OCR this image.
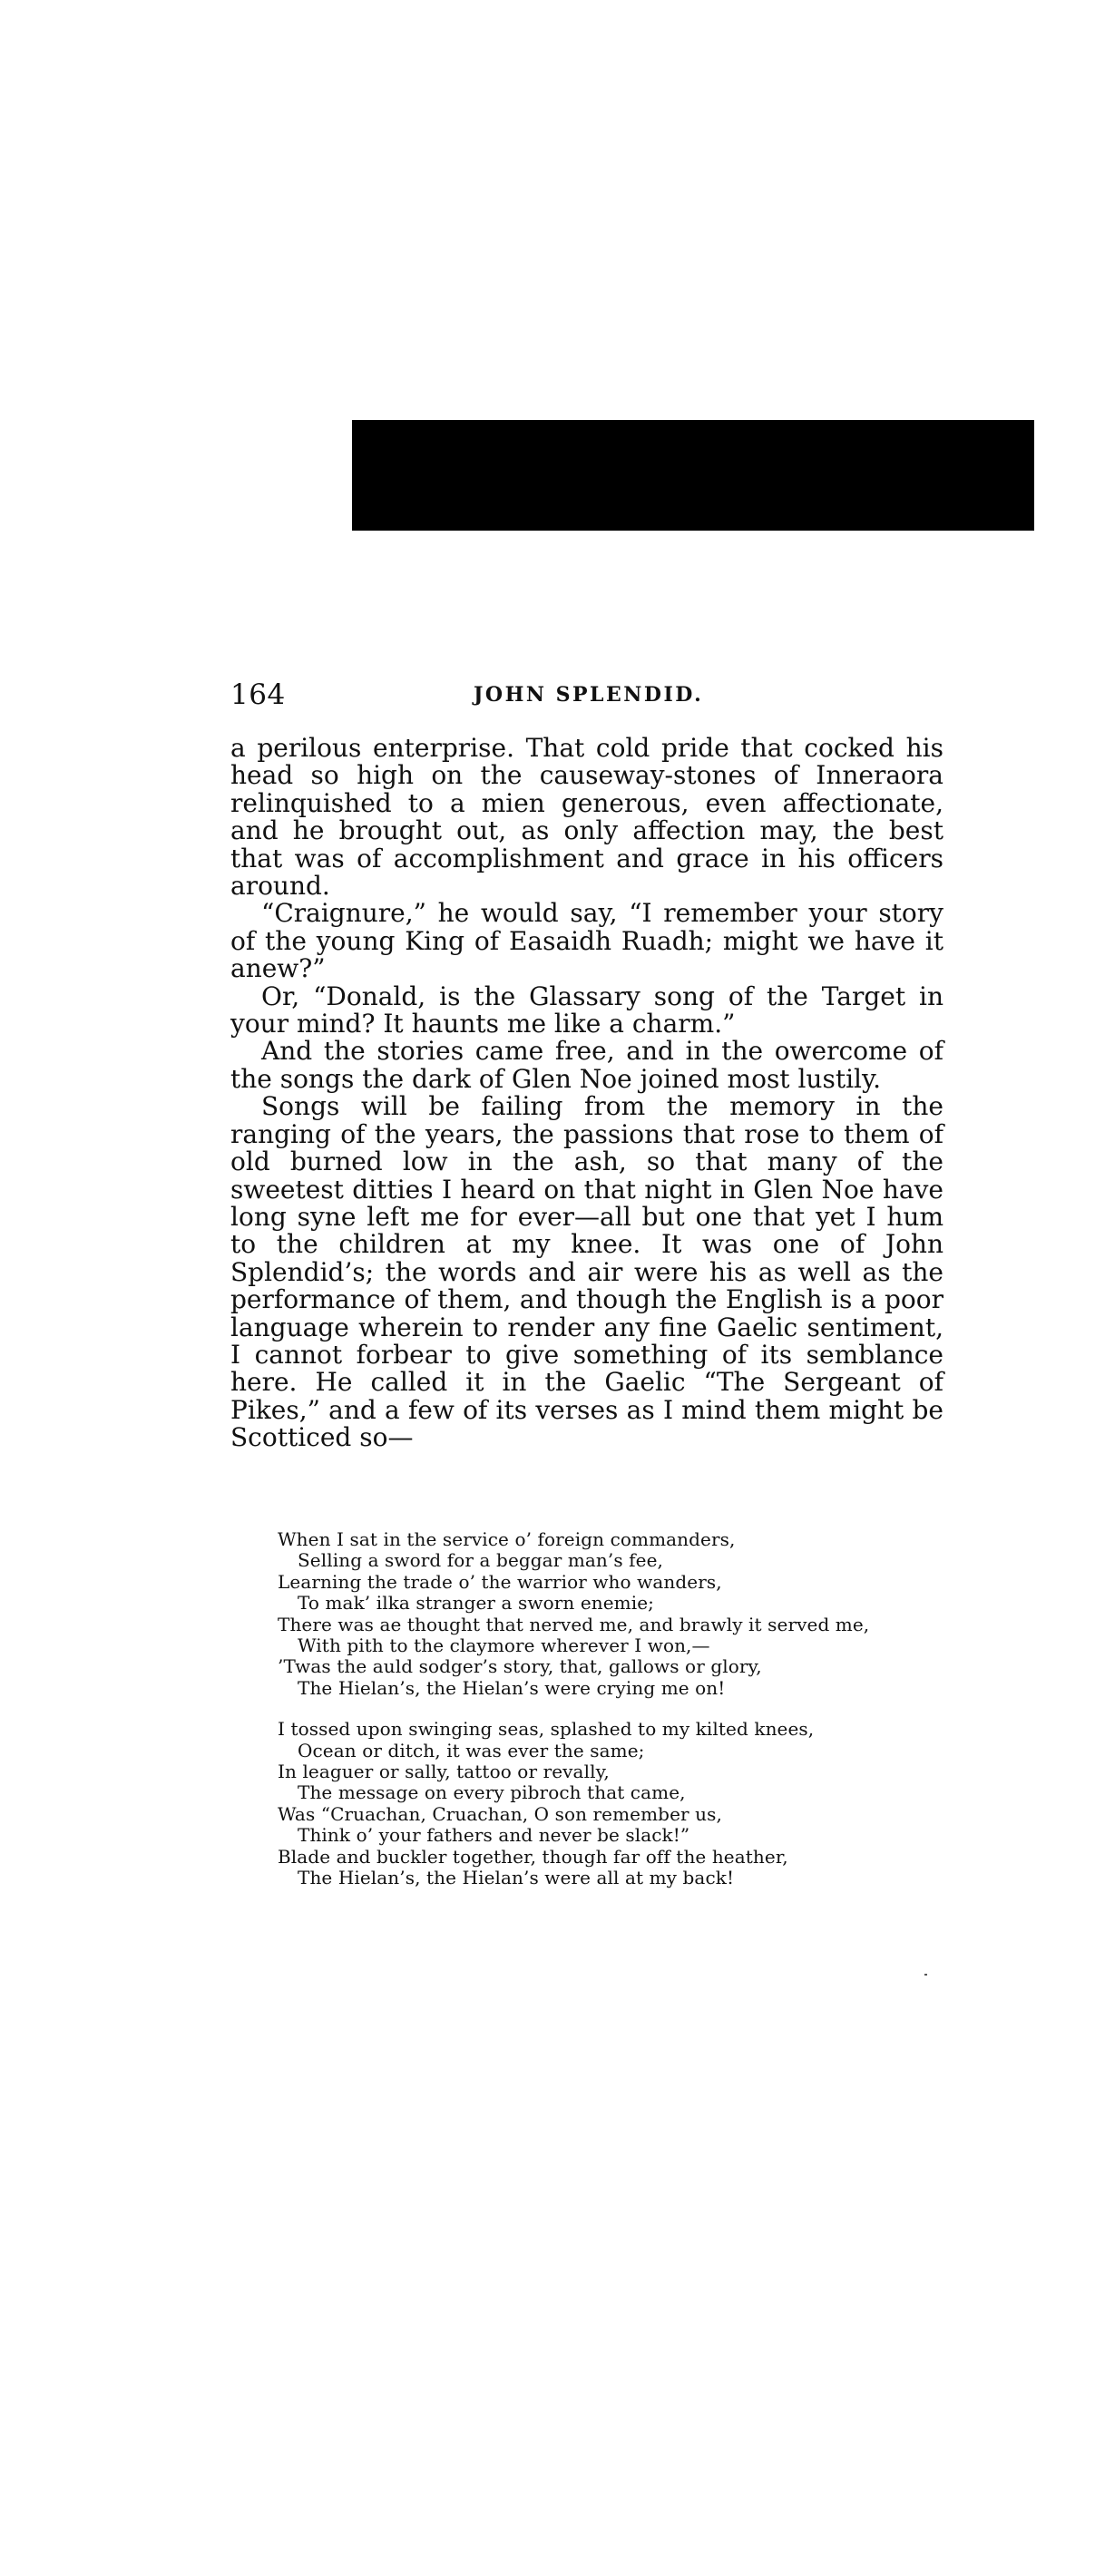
164	JOHN SPLENDID.

a perilous enterprise. That cold pride that cocked his head so high on the causeway-stones of Inneraora relinquished to a mien generous, even affectionate, and he brought out, as only affection may, the best that was of accomplishment and grace in his officers around.

“Craignure,” he would say, “I remember your story of the young King of Easaidh Ruadh; might we have it anew?”

Or, “Donald, is the Glassary song of the Target in your mind? It haunts me like a charm.”

And the stories came free, and in the owercome of the songs the dark of Glen Noe joined most lustily.

Songs will be failing from the memory in the ranging of the years, the passions that rose to them of old burned low in the ash, so that many of the sweetest ditties I heard on that night in Glen Noe have long syne left me for ever—all but one that yet I hum to the children at my knee. It was one of John Splendid’s; the words and air were his as well as the performance of them, and though the English is a poor language wherein to render any fine Gaelic sentiment, I cannot forbear to give something of its semblance here. He called it in the Gaelic “The Sergeant of Pikes,” and a few of its verses as I mind them might be Scotticed so—

When I sat in the service o’ foreign commanders,
Selling a sword for a beggar man’s fee,
Learning the trade o’ the warrior who wanders,
To mak’ ilka stranger a sworn enemie;
There was ae thought that nerved me, and brawly it served me,
With pith to the claymore wherever I won,—
’Twas the auld sodger’s story, that, gallows or glory,
The Hielan’s, the Hielan’s were crying me on!
I tossed upon swinging seas, splashed to my kilted knees,
Ocean or ditch, it was ever the same;
In leaguer or sally, tattoo or revally,
The message on every pibroch that came,
Was “Cruachan, Cruachan, O son remember us,
Think o’ your fathers and never be slack!”
Blade and buckler together, though far off the heather,
The Hielan’s, the Hielan’s were all at my back!
